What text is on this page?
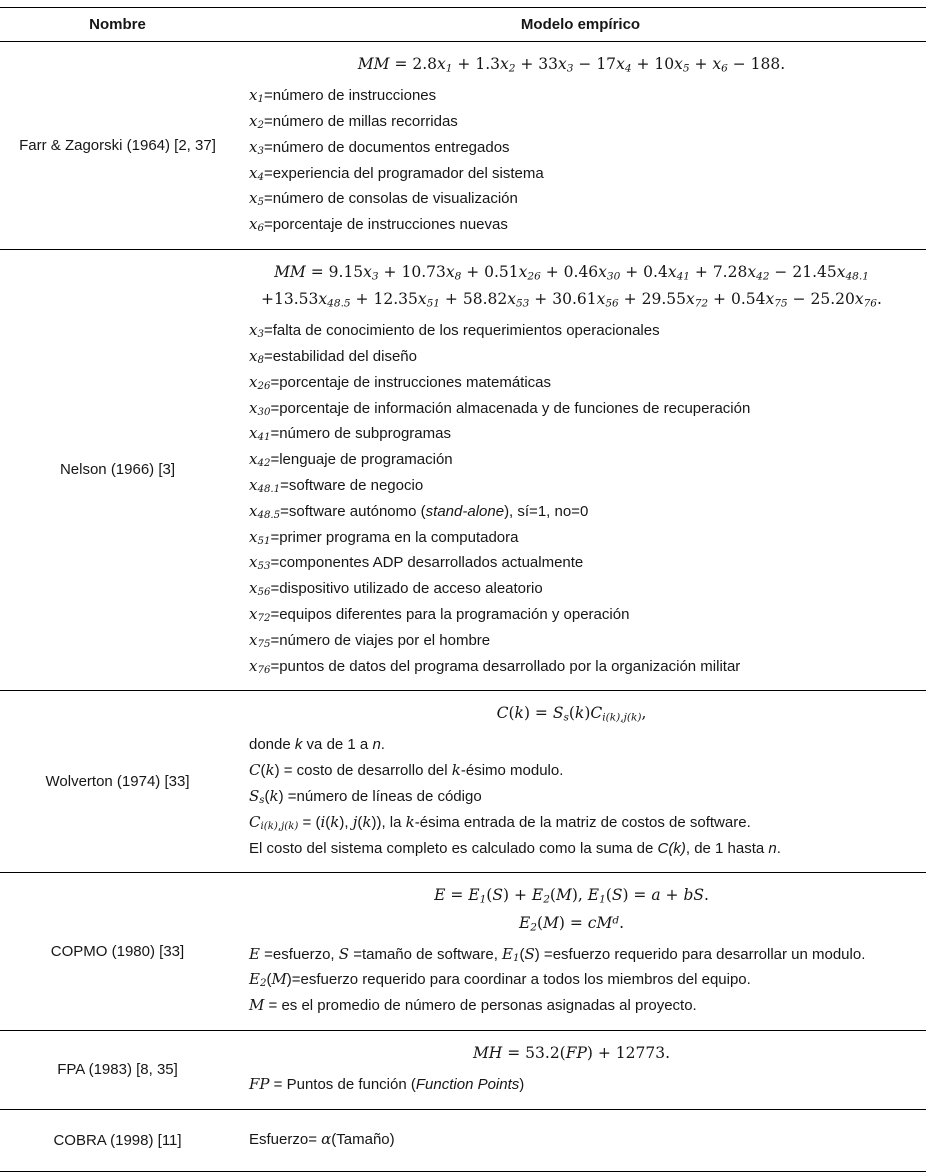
Nombre	Modelo empírico
Farr & Zagorski (1964) [2, 37]
MM = $2.8x_1 + 1.3x_2 + 33x_3 - 17x_4 + 10x_5 + x_6 - 188$.
$x_1=número$ de instrucciones
$x_2=número$ de millas recorridas
$x_3=número$ de documentos entregados
$x_4=experiencia$ del programador del sistema
$x_5=número$ de consolas de visualización
$x_6=porcentaje$ de instrucciones nuevas
Nelson (1966) [3]
MM = $9.15x_3 + 10.73x_8 + 0.51x_{26} + 0.46x_{30} + 0.4x_{41} + 7.28x_{42} - 21.45x_{48.1}$
$+13.53x_{48.5} + 12.35x_{51} + 58.82x_{53} + 30.61x_{56} + 29.55x_{72} + 0.54x_{75} - 25.20x_{76}$.
$x_3=falta$ de conocimiento de los requerimientos operacionales
$x_8=estabilidad$ del diseño
$x_{26}=porcentaje$ de instrucciones matemáticas
$x_{30}=porcentaje$ de información almacenada y de funciones de recuperación
$x_{41}=número$ de subprogramas
$x_{42}=lenguaje$ de programación
$x_{48.1}=software$ de negocio
$x_{48.5}=software$ autónomo (stand-alone), sí=1, no=0
$x_{51}=primer$ programa en la computadora
$x_{53}=componentes$ ADP desarrollados actualmente
$x_{56}=dispositivo$ utilizado de acceso aleatorio
$x_{72}=equipos$ diferentes para la programación y operación
$x_{75}=número$ de viajes por el hombre
$x_{76}=puntos$ de datos del programa desarrollado por la organización militar
Wolverton (1974) [33]
$C(k) = S_s(k)C_{i(k),j(k)}$,
donde k va de 1 a n.
C(k) = costo de desarrollo del k-ésimo modulo.
$S_s(k)$ =número de líneas de código
$C_{i(k),j(k)} = (i(k)$, j(k)), la k-ésima entrada de la matriz de costos de software.
El costo del sistema completo es calculado como la suma de C(k), de 1 hasta n.
COPMO (1980) [33]
$E = E_1(S) + E_2(M)$, $E_1(S) = a$ + bS.
$E_2(M) = cM^d$.
E =esfuerzo, S =tamaño de software, $E_1(S)$ =esfuerzo requerido para desarrollar un modulo.
$E_2(M)=esfuerzo$ requerido para coordinar a todos los miembros del equipo.
M = es el promedio de número de personas asignadas al proyecto.
FPA (1983) [8, 35]
MH = 53.2(FP) + 12773.
FP = Puntos de función (Function Points)
COBRA (1998) [11]	Esfuerzo= α(Tamaño)
